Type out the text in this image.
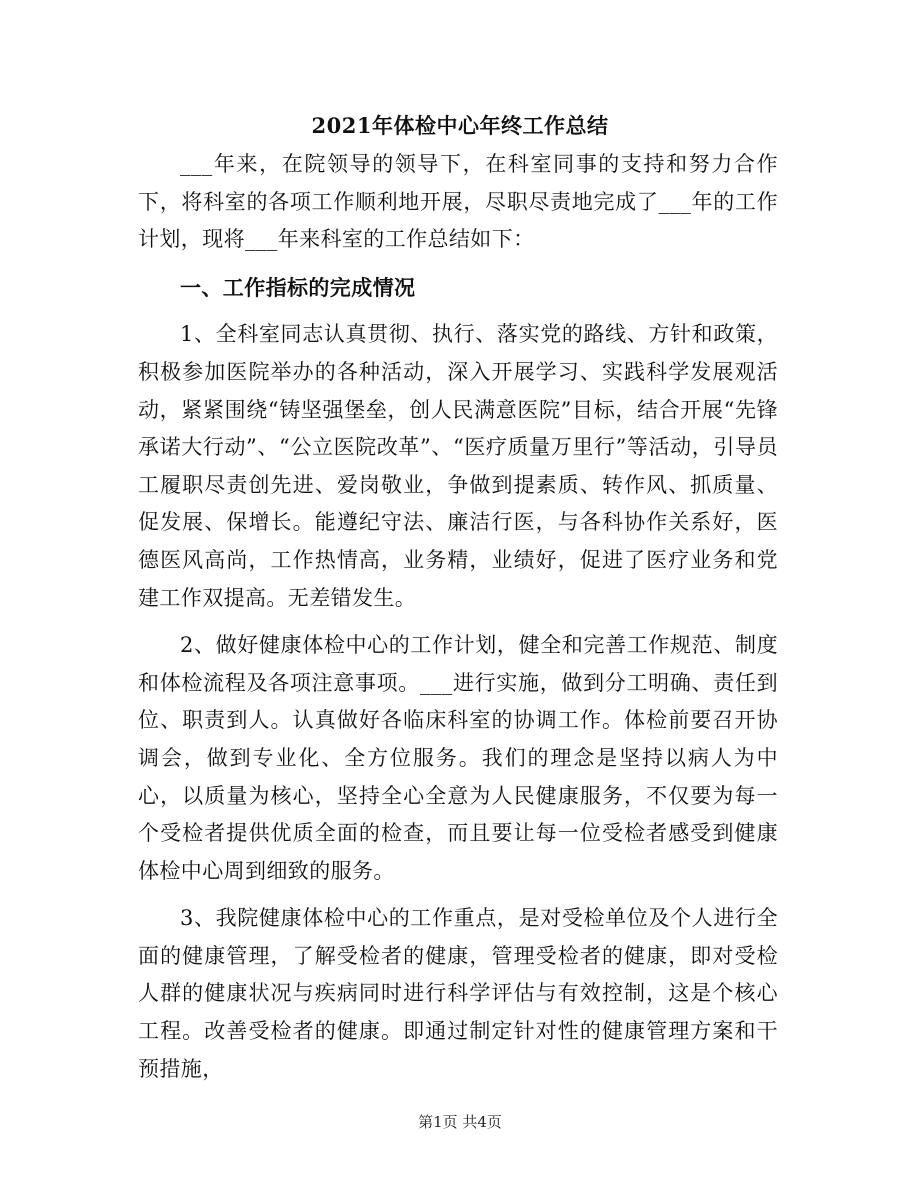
2021年体检中心年终工作总结

___年来，在院领导的领导下，在科室同事的支持和努力合作下，将科室的各项工作顺利地开展，尽职尽责地完成了___年的工作计划，现将___年来科室的工作总结如下：

一、工作指标的完成情况

1、全科室同志认真贯彻、执行、落实党的路线、方针和政策，积极参加医院举办的各种活动，深入开展学习、实践科学发展观活动，紧紧围绕“铸坚强堡垒，创人民满意医院”目标，结合开展“先锋承诺大行动”、“公立医院改革”、“医疗质量万里行”等活动，引导员工履职尽责创先进、爱岗敬业，争做到提素质、转作风、抓质量、促发展、保增长。能遵纪守法、廉洁行医，与各科协作关系好，医德医风高尚，工作热情高，业务精，业绩好，促进了医疗业务和党建工作双提高。无差错发生。

2、做好健康体检中心的工作计划，健全和完善工作规范、制度和体检流程及各项注意事项。___进行实施，做到分工明确、责任到位、职责到人。认真做好各临床科室的协调工作。体检前要召开协调会，做到专业化、全方位服务。我们的理念是坚持以病人为中心，以质量为核心，坚持全心全意为人民健康服务，不仅要为每一个受检者提供优质全面的检查，而且要让每一位受检者感受到健康体检中心周到细致的服务。

3、我院健康体检中心的工作重点，是对受检单位及个人进行全面的健康管理，了解受检者的健康，管理受检者的健康，即对受检人群的健康状况与疾病同时进行科学评估与有效控制，这是个核心工程。改善受检者的健康。即通过制定针对性的健康管理方案和干预措施，

第1页 共4页
